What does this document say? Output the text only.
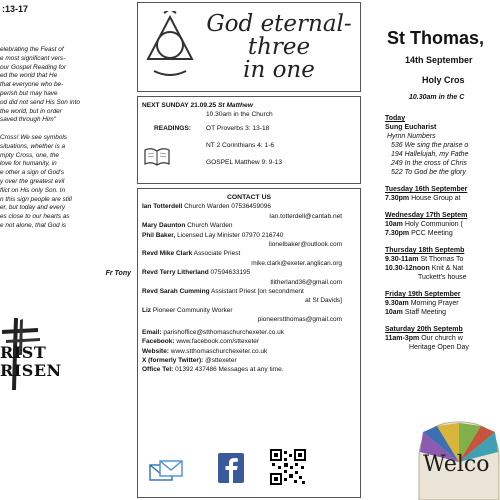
:13-17
elebrating the Feast of
e most significant vers-
our Gospel Reading for
ed the world that He
that everyone who be-
perish but may have
od did not send His Son into
the world, but in order
saved through Him"

Cross! We see symbols
situations, whether is a
mpty Cross, one, the
love for humanity, in
e other a sign of God's
y over the greatest evil
flict on His only Son. In
n this sign people are still
er, but today and every
es close to our hearts as
e not alone, that God is
Fr Tony
RIST
RISEN
God eternal-
three
in one
NEXT SUNDAY 21.09.25 St Matthew
10.30am in the Church
READINGS: OT Proverbs 3: 13-18
NT 2 Corinthians 4: 1-6
GOSPEL Matthew 9: 9-13
CONTACT US
Ian Totterdell Church Warden 07536459096
Ian.totterdell@cantab.net
Mary Daunton Church Warden
Phil Baker, Licensed Lay Minister 07970 216740
lionelbaker@outlook.com
Revd Mike Clark Associate Priest
mike.clark@exeter.anglican.org
Revd Terry Litherland 07594633195
tlitherland36@gmail.com
Revd Sarah Cumming Assistant Priest [on secondment
at St Davids]
Liz Pioneer Community Worker
pioneerstthomas@gmail.com
Email: parishoffice@stthomaschurchexeter.co.uk
Facebook: www.facebook.com/sttexeter
Website: www.stthomaschurchexeter.co.uk
X (formerly Twitter): @sttexeter
Office Tel: 01392 437486 Messages at any time.
St Thomas,
14th September
Holy Cros
10.30am in the C
Today
Sung Eucharist
Hymn Numbers
536 We sing the praise o
194 Hallelujah, my Fathe
249 In the cross of Chris
522 To God be the glory
Tuesday 16th September
7.30pm House Group at
Wednesday 17th Septem
10am Holy Communion (
7.30pm PCC Meeting
Thursday 18th Septemb
9.30-11am St Thomas To
10.30-12noon Knit & Nat
Tuckett's house
Friday 19th September
9.30am Morning Prayer
10am Staff Meeting
Saturday 20th Septemb
11am-3pm Our church w
Heritage Open Day
Welco
